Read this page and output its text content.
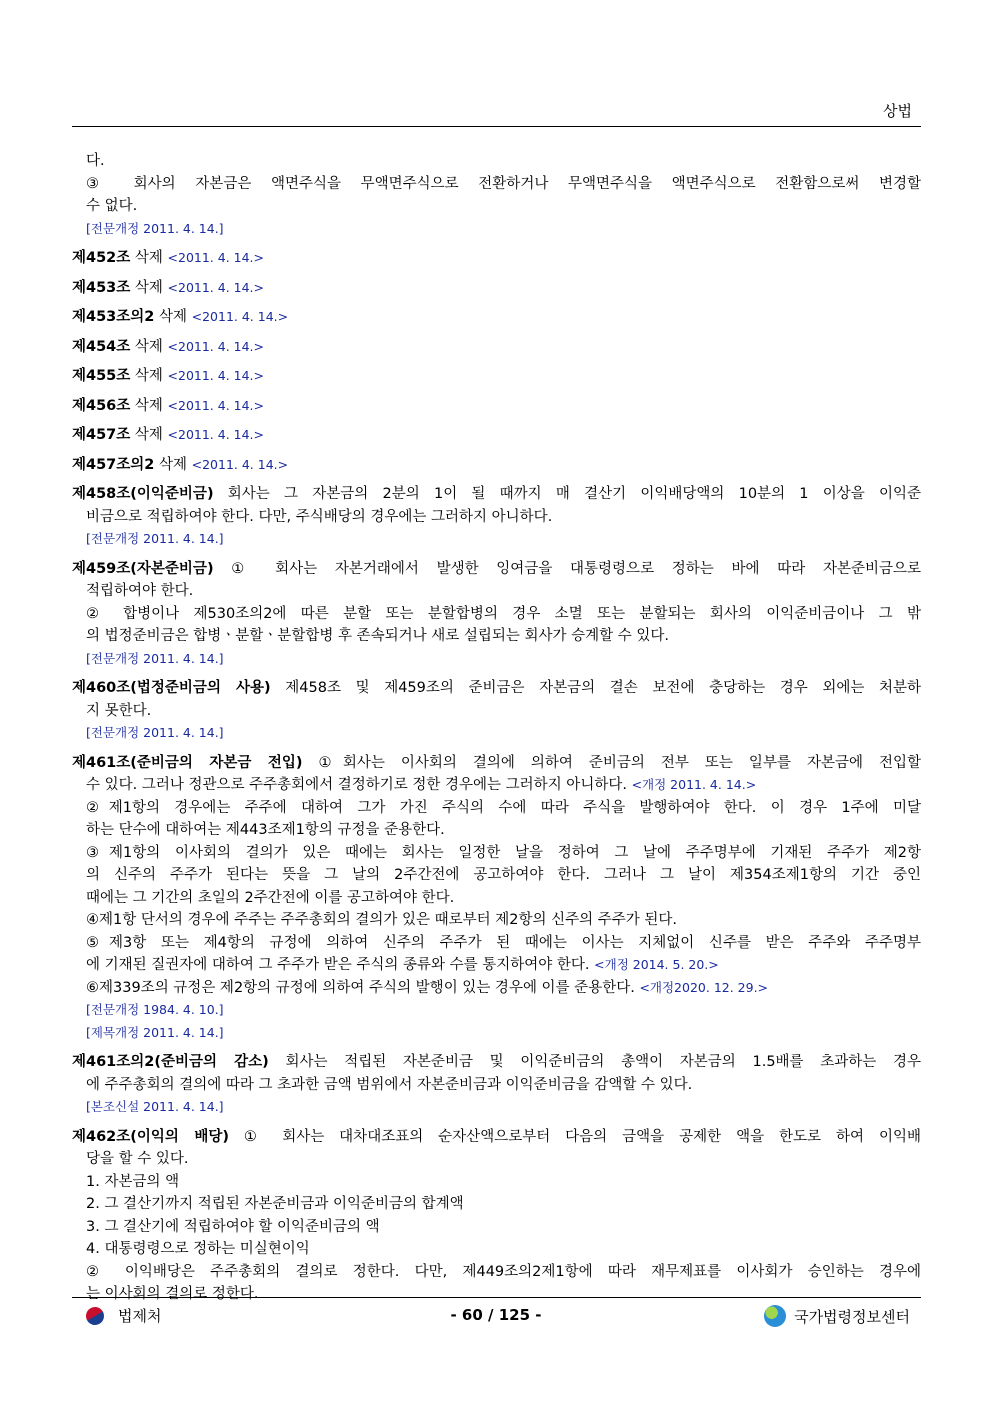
상법
다.
③ 회사의 자본금은 액면주식을 무액면주식으로 전환하거나 무액면주식을 액면주식으로 전환함으로써 변경할
수 없다.
[전문개정 2011. 4. 14.]
제452조 삭제 <2011. 4. 14.>
제453조 삭제 <2011. 4. 14.>
제453조의2 삭제 <2011. 4. 14.>
제454조 삭제 <2011. 4. 14.>
제455조 삭제 <2011. 4. 14.>
제456조 삭제 <2011. 4. 14.>
제457조 삭제 <2011. 4. 14.>
제457조의2 삭제 <2011. 4. 14.>
제458조(이익준비금) 회사는 그 자본금의 2분의 1이 될 때까지 매 결산기 이익배당액의 10분의 1 이상을 이익준
비금으로 적립하여야 한다. 다만, 주식배당의 경우에는 그러하지 아니하다.
[전문개정 2011. 4. 14.]
제459조(자본준비금) ① 회사는 자본거래에서 발생한 잉여금을 대통령령으로 정하는 바에 따라 자본준비금으로
적립하여야 한다.
② 합병이나 제530조의2에 따른 분할 또는 분할합병의 경우 소멸 또는 분할되는 회사의 이익준비금이나 그 밖
의 법정준비금은 합병ㆍ분할ㆍ분할합병 후 존속되거나 새로 설립되는 회사가 승계할 수 있다.
[전문개정 2011. 4. 14.]
제460조(법정준비금의 사용) 제458조 및 제459조의 준비금은 자본금의 결손 보전에 충당하는 경우 외에는 처분하
지 못한다.
[전문개정 2011. 4. 14.]
제461조(준비금의 자본금 전입) ①회사는 이사회의 결의에 의하여 준비금의 전부 또는 일부를 자본금에 전입할
수 있다. 그러나 정관으로 주주총회에서 결정하기로 정한 경우에는 그러하지 아니하다. <개정 2011. 4. 14.>
②제1항의 경우에는 주주에 대하여 그가 가진 주식의 수에 따라 주식을 발행하여야 한다. 이 경우 1주에 미달
하는 단수에 대하여는 제443조제1항의 규정을 준용한다.
③제1항의 이사회의 결의가 있은 때에는 회사는 일정한 날을 정하여 그 날에 주주명부에 기재된 주주가 제2항
의 신주의 주주가 된다는 뜻을 그 날의 2주간전에 공고하여야 한다. 그러나 그 날이 제354조제1항의 기간 중인
때에는 그 기간의 초일의 2주간전에 이를 공고하여야 한다.
④제1항 단서의 경우에 주주는 주주총회의 결의가 있은 때로부터 제2항의 신주의 주주가 된다.
⑤제3항 또는 제4항의 규정에 의하여 신주의 주주가 된 때에는 이사는 지체없이 신주를 받은 주주와 주주명부
에 기재된 질권자에 대하여 그 주주가 받은 주식의 종류와 수를 통지하여야 한다. <개정 2014. 5. 20.>
⑥제339조의 규정은 제2항의 규정에 의하여 주식의 발행이 있는 경우에 이를 준용한다. <개정2020. 12. 29.>
[전문개정 1984. 4. 10.]
[제목개정 2011. 4. 14.]
제461조의2(준비금의 감소) 회사는 적립된 자본준비금 및 이익준비금의 총액이 자본금의 1.5배를 초과하는 경우
에 주주총회의 결의에 따라 그 초과한 금액 범위에서 자본준비금과 이익준비금을 감액할 수 있다.
[본조신설 2011. 4. 14.]
제462조(이익의 배당) ① 회사는 대차대조표의 순자산액으로부터 다음의 금액을 공제한 액을 한도로 하여 이익배
당을 할 수 있다.
1. 자본금의 액
2. 그 결산기까지 적립된 자본준비금과 이익준비금의 합계액
3. 그 결산기에 적립하여야 할 이익준비금의 액
4. 대통령령으로 정하는 미실현이익
② 이익배당은 주주총회의 결의로 정한다. 다만, 제449조의2제1항에 따라 재무제표를 이사회가 승인하는 경우에
는 이사회의 결의로 정한다.
법제처	- 60 / 125 -	국가법령정보센터
